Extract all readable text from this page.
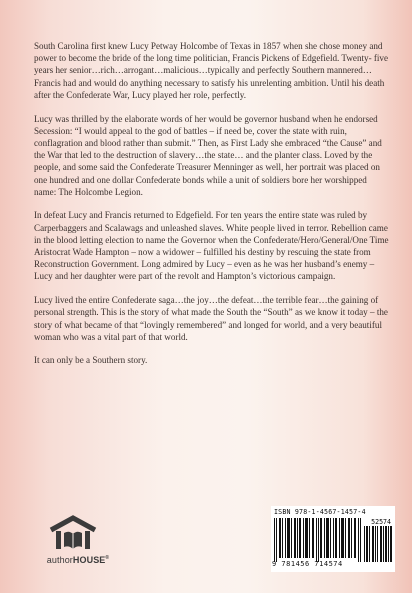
South Carolina first knew Lucy Petway Holcombe of Texas in 1857 when she chose money and power to become the bride of the long time politician, Francis Pickens of Edgefield. Twenty- five years her senior…rich…arrogant…malicious…typically and perfectly Southern mannered…Francis had and would do anything necessary to satisfy his unrelenting ambition. Until his death after the Confederate War, Lucy played her role, perfectly.

Lucy was thrilled by the elaborate words of her would be governor husband when he endorsed Secession: “I would appeal to the god of battles – if need be, cover the state with ruin, conflagration and blood rather than submit.” Then, as First Lady she embraced “the Cause” and the War that led to the destruction of slavery…the state… and the planter class. Loved by the people, and some said the Confederate Treasurer Menninger as well, her portrait was placed on one hundred and one dollar Confederate bonds while a unit of soldiers bore her worshipped name: The Holcombe Legion.

In defeat Lucy and Francis returned to Edgefield. For ten years the entire state was ruled by Carperbaggers and Scalawags and unleashed slaves. White people lived in terror. Rebellion came in the blood letting election to name the Governor when the Confederate/Hero/General/One Time Aristocrat Wade Hampton – now a widower – fulfilled his destiny by rescuing the state from Reconstruction Government. Long admired by Lucy – even as he was her husband’s enemy – Lucy and her daughter were part of the revolt and Hampton’s victorious campaign.

Lucy lived the entire Confederate saga…the joy…the defeat…the terrible fear…the gaining of personal strength. This is the story of what made the South the “South” as we know it today – the story of what became of that “lovingly remembered” and longed for world, and a very beautiful woman who was a vital part of that world.

It can only be a Southern story.

authorHOUSE®
ISBN 978-1-4567-1457-4
52574
9 781456 714574
